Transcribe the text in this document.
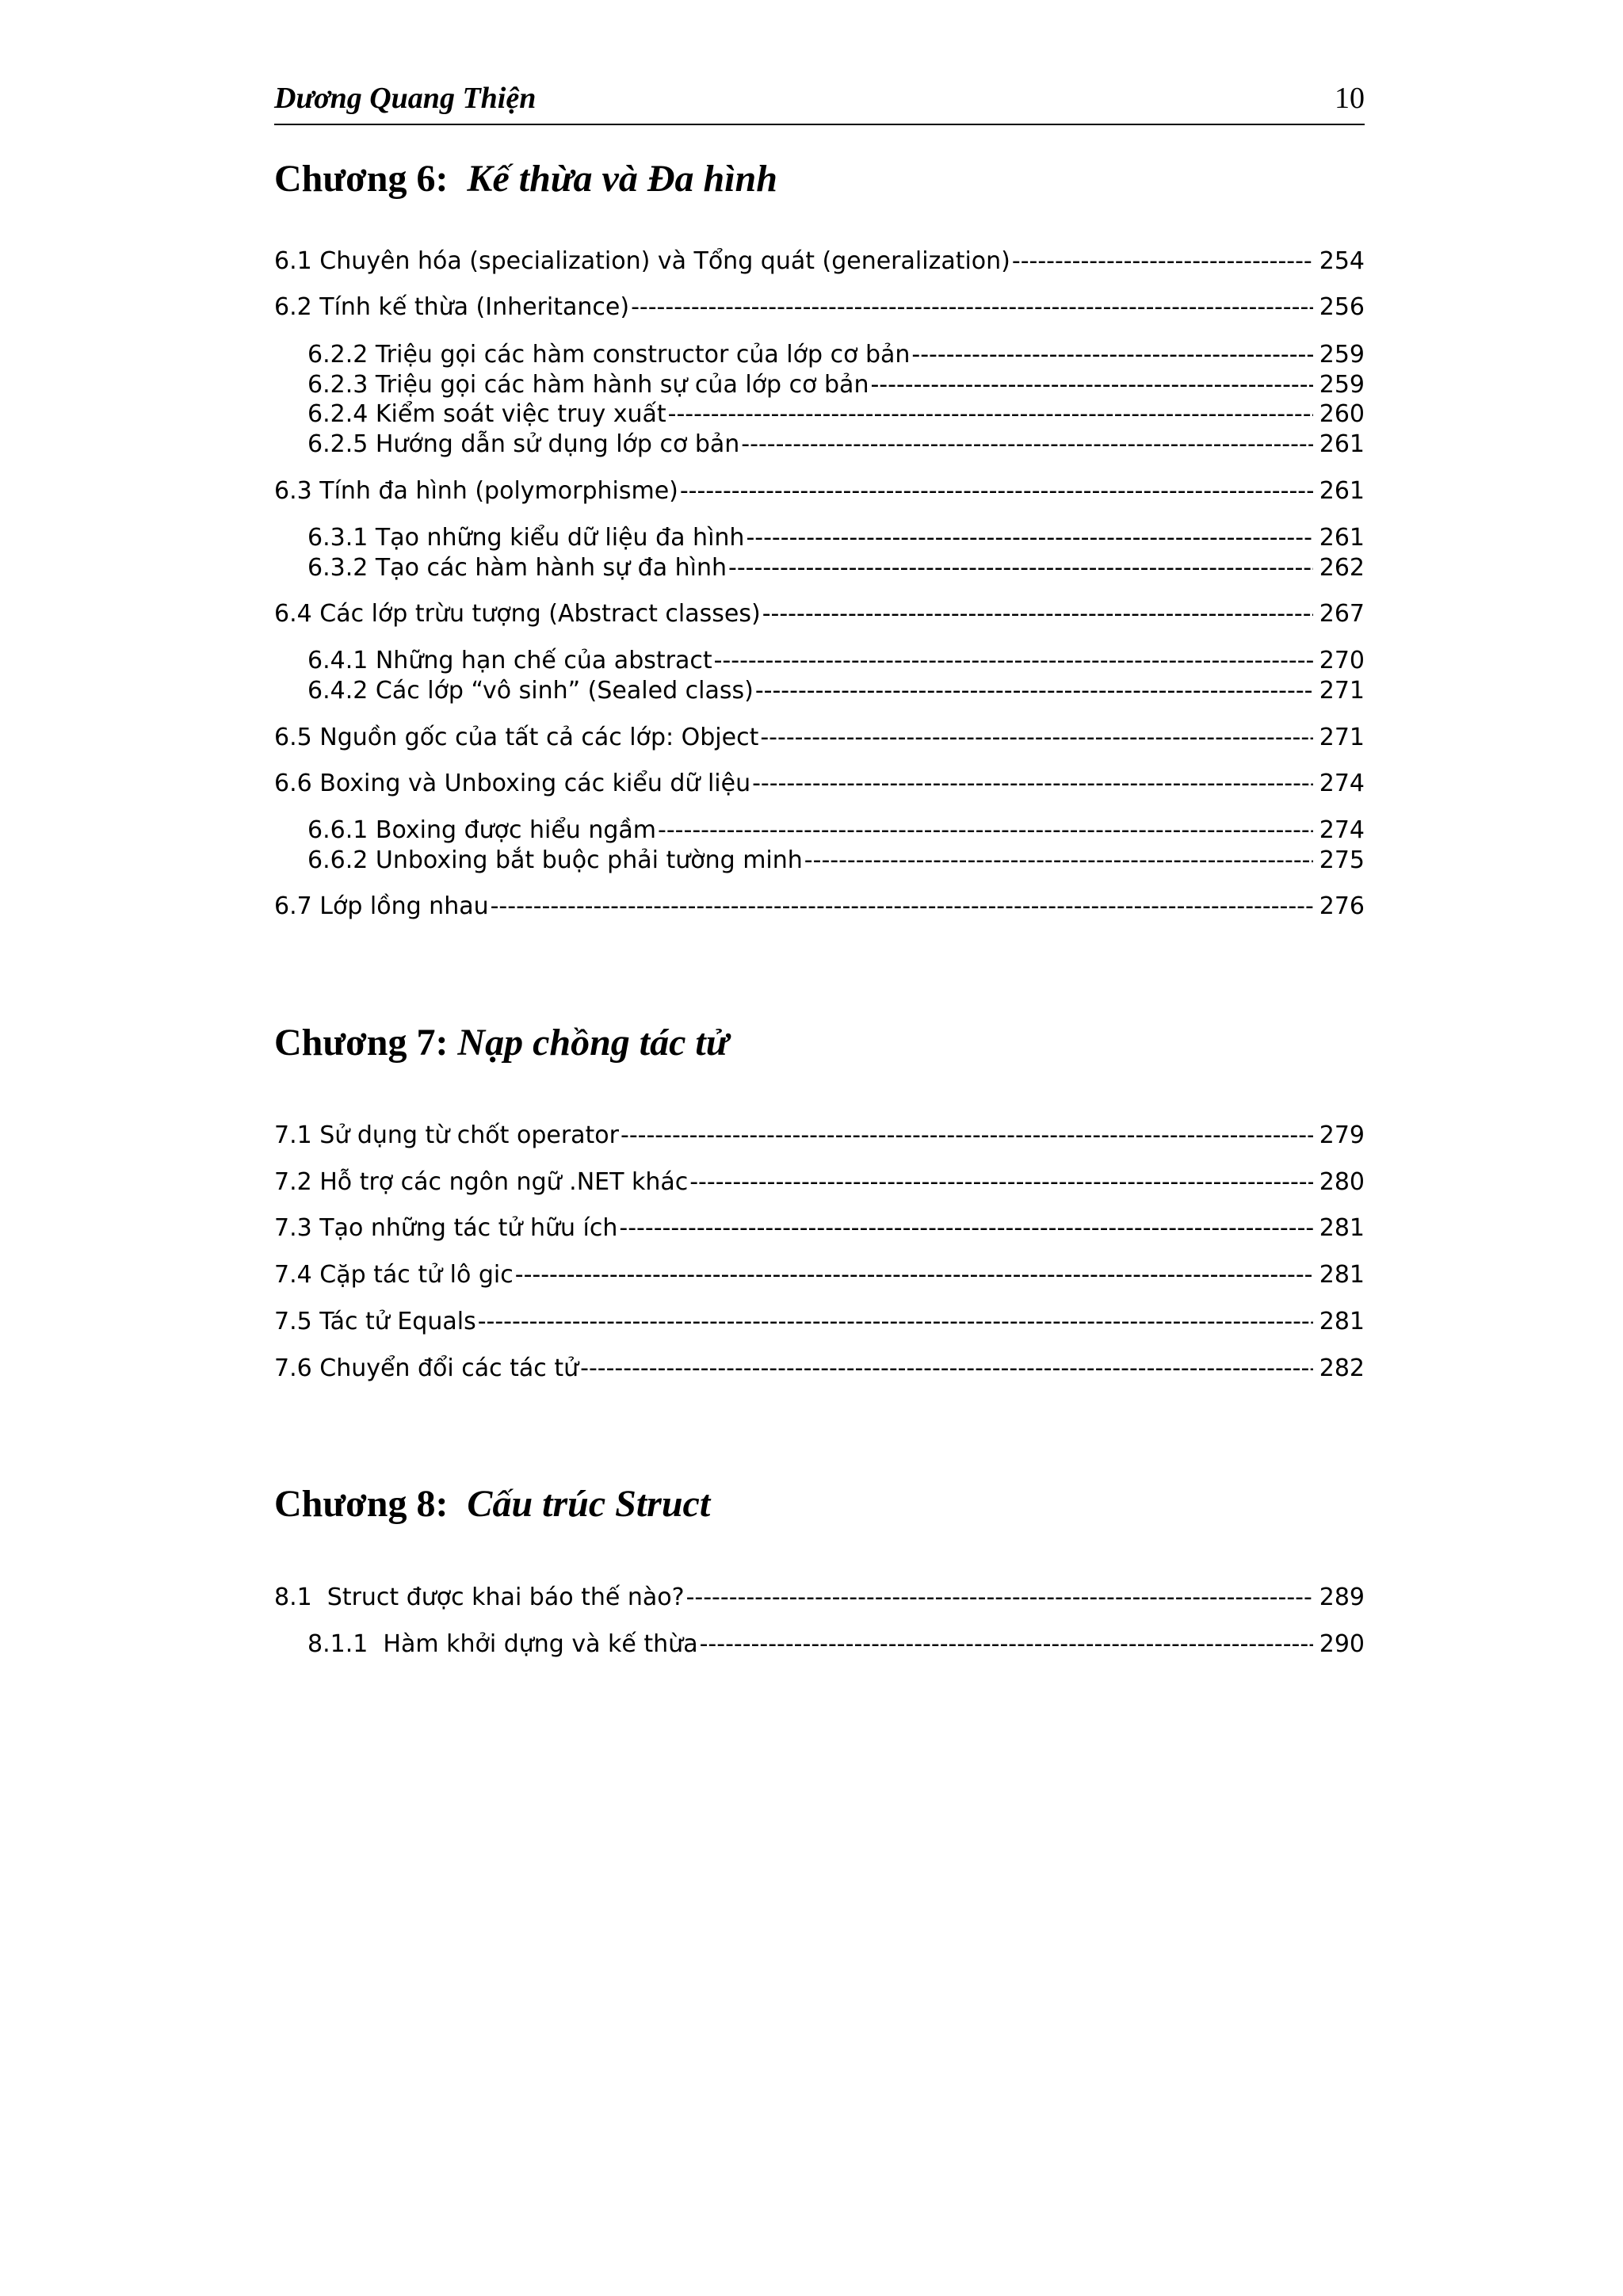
Dương Quang Thiện	10
Chương 6: Kế thừa và Đa hình
6.1 Chuyên hóa (specialization) và Tổng quát (generalization) -----	254
6.2 Tính kế thừa (Inheritance) -----	256
6.2.2 Triệu gọi các hàm constructor của lớp cơ bản -----	259
6.2.3 Triệu gọi các hàm hành sự của lớp cơ bản -----	259
6.2.4 Kiểm soát việc truy xuất -----	260
6.2.5 Hướng dẫn sử dụng lớp cơ bản -----	261
6.3 Tính đa hình (polymorphisme) -----	261
6.3.1 Tạo những kiểu dữ liệu đa hình -----	261
6.3.2 Tạo các hàm hành sự đa hình -----	262
6.4 Các lớp trừu tượng (Abstract classes) -----	267
6.4.1 Những hạn chế của abstract -----	270
6.4.2 Các lớp “vô sinh” (Sealed class) -----	271
6.5 Nguồn gốc của tất cả các lớp: Object -----	271
6.6 Boxing và Unboxing các kiểu dữ liệu -----	274
6.6.1 Boxing được hiểu ngầm -----	274
6.6.2 Unboxing bắt buộc phải tường minh -----	275
6.7 Lớp lồng nhau -----	276
Chương 7: Nạp chồng tác tử
7.1 Sử dụng từ chốt operator -----	279
7.2 Hỗ trợ các ngôn ngữ .NET khác -----	280
7.3 Tạo những tác tử hữu ích -----	281
7.4 Cặp tác tử lô gic -----	281
7.5 Tác tử Equals -----	281
7.6 Chuyển đổi các tác tử -----	282
Chương 8: Cấu trúc Struct
8.1  Struct được khai báo thế nào? -----	289
8.1.1  Hàm khởi dựng và kế thừa -----	290
